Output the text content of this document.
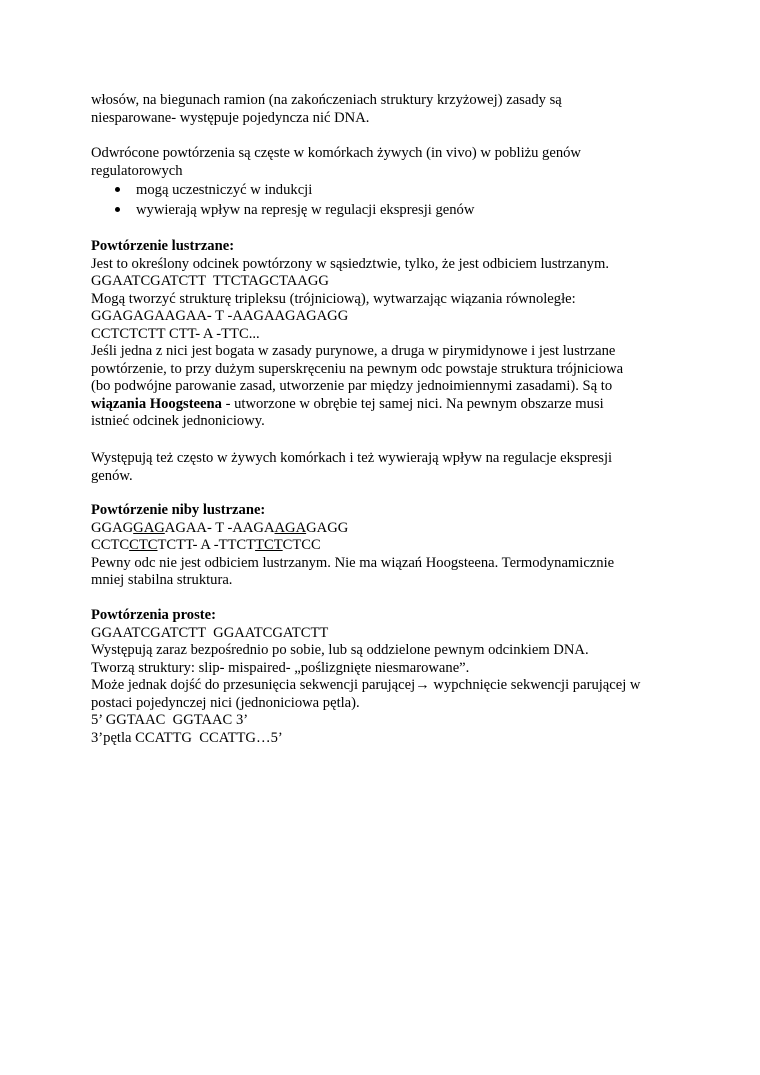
włosów, na biegunach ramion (na zakończeniach struktury krzyżowej) zasady są
niesparowane- występuje pojedyncza nić DNA.
Odwrócone powtórzenia są częste w komórkach żywych (in vivo) w pobliżu genów
regulatorowych
mogą uczestniczyć w indukcji
wywierają wpływ na represję w regulacji ekspresji genów
Powtórzenie lustrzane:
Jest to określony odcinek powtórzony w sąsiedztwie, tylko, że jest odbiciem lustrzanym.
GGAATCGATCTT  TTCTAGCTAAGG
Mogą tworzyć strukturę tripleksu (trójniciową), wytwarzając wiązania równoległe:
GGAGAGAAGAA- T -AAGAAGAGAGG
CCTCTCTT CTT- A -TTC...
Jeśli jedna z nici jest bogata w zasady purynowe, a druga w pirymidynowe i jest lustrzane
powtórzenie, to przy dużym superskręceniu na pewnym odc powstaje struktura trójniciowa
(bo podwójne parowanie zasad, utworzenie par między jednoimiennymi zasadami). Są to
wiązania Hoogsteena - utworzone w obrębie tej samej nici. Na pewnym obszarze musi
istnieć odcinek jednoniciowy.
Występują też często w żywych komórkach i też wywierają wpływ na regulacje ekspresji
genów.
Powtórzenie niby lustrzane:
GGAGGAGAGAA- T -AAGAAGAGAGG
CCTCCTCTCTT- A -TTCTTCTCTCC
Pewny odc nie jest odbiciem lustrzanym. Nie ma wiązań Hoogsteena. Termodynamicznie
mniej stabilna struktura.
Powtórzenia proste:
GGAATCGATCTT  GGAATCGATCTT
Występują zaraz bezpośrednio po sobie, lub są oddzielone pewnym odcinkiem DNA.
Tworzą struktury: slip- mispaired- „poślizgnięte niesmarowane”.
Może jednak dojść do przesunięcia sekwencji parującej→ wypchnięcie sekwencji parującej w
postaci pojedynczej nici (jednoniciowa pętla).
5’ GGTAAC  GGTAAC 3’
3’pętla CCATTG  CCATTG…5’
